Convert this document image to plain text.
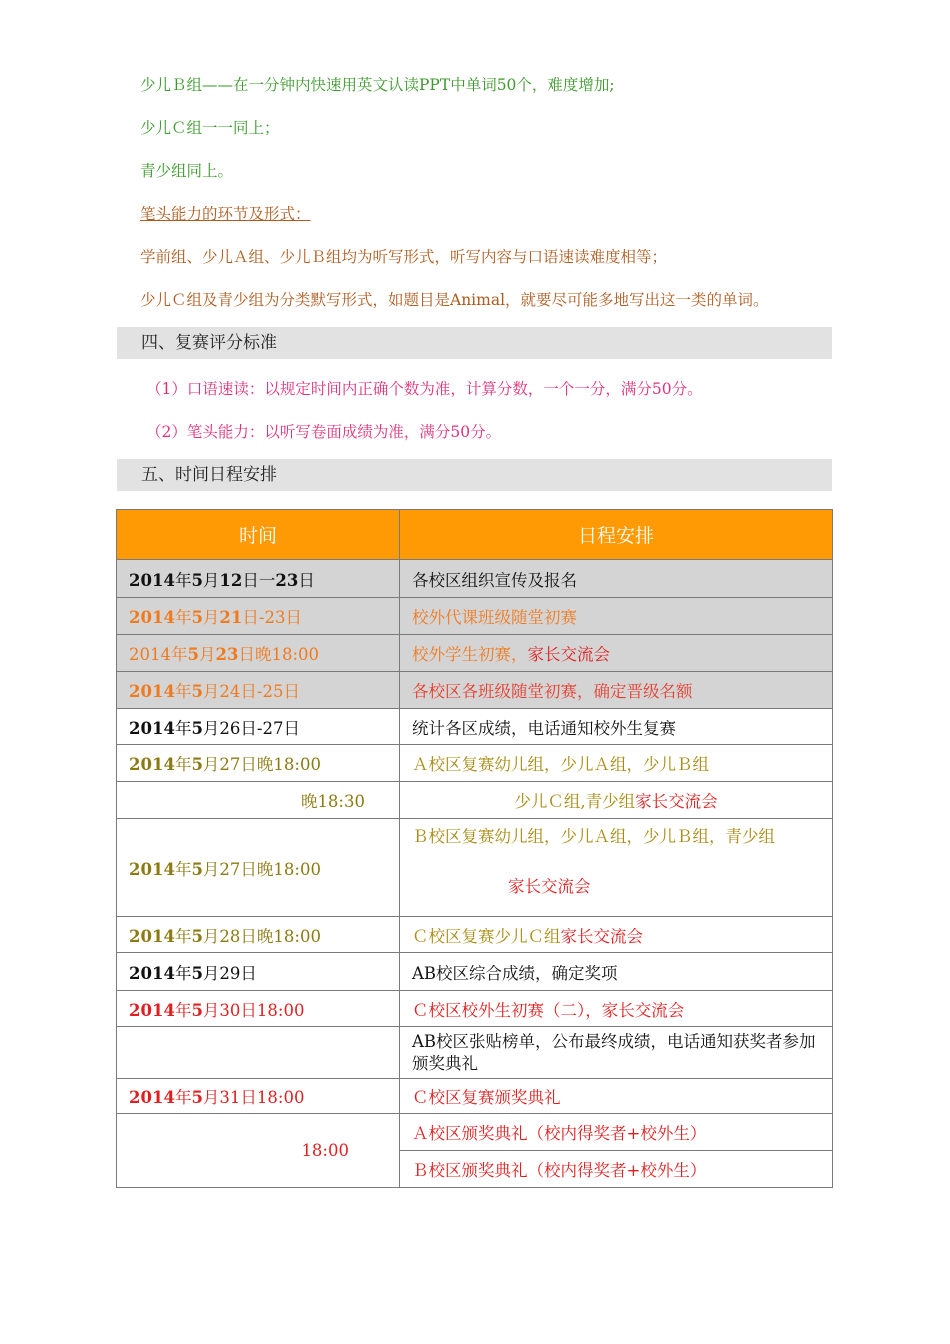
少儿Ｂ组——在一分钟内快速用英文认读PPT中单词50个，难度增加;
少儿Ｃ组一一同上；
青少组同上。
笔头能力的环节及形式：
学前组、少儿Ａ组、少儿Ｂ组均为听写形式，听写内容与口语速读难度相等；
少儿Ｃ组及青少组为分类默写形式，如题目是Animal，就要尽可能多地写出这一类的单词。
四、复赛评分标准
（1）口语速读：以规定时间内正确个数为准，计算分数，一个一分，满分50分。
（2）笔头能力：以听写卷面成绩为准，满分50分。
五、时间日程安排
时间	日程安排
2014年5月12日一23日	各校区组织宣传及报名
2014年5月21日-23日	校外代课班级随堂初赛
2014年5月23日晚18:00	校外学生初赛，家长交流会
2014年5月24日-25日	各校区各班级随堂初赛，确定晋级名额
2014年5月26日-27日	统计各区成绩，电话通知校外生复赛
2014年5月27日晚18:00	Ａ校区复赛幼儿组，少儿Ａ组，少儿Ｂ组
晚18:30	少儿Ｃ组,青少组家长交流会
2014年5月27日晚18:00	Ｂ校区复赛幼儿组，少儿Ａ组，少儿Ｂ组，青少组
家长交流会

2014年5月28日晚18:00	Ｃ校区复赛少儿Ｃ组家长交流会
2014年5月29日	AB校区综合成绩，确定奖项
2014年5月30日18:00	Ｃ校区校外生初赛（二），家长交流会
	AB校区张贴榜单，公布最终成绩，电话通知获奖者参加颁奖典礼
2014年5月31日18:00	Ｃ校区复赛颁奖典礼
18:00	Ａ校区颁奖典礼（校内得奖者+校外生）
	Ｂ校区颁奖典礼（校内得奖者+校外生）
